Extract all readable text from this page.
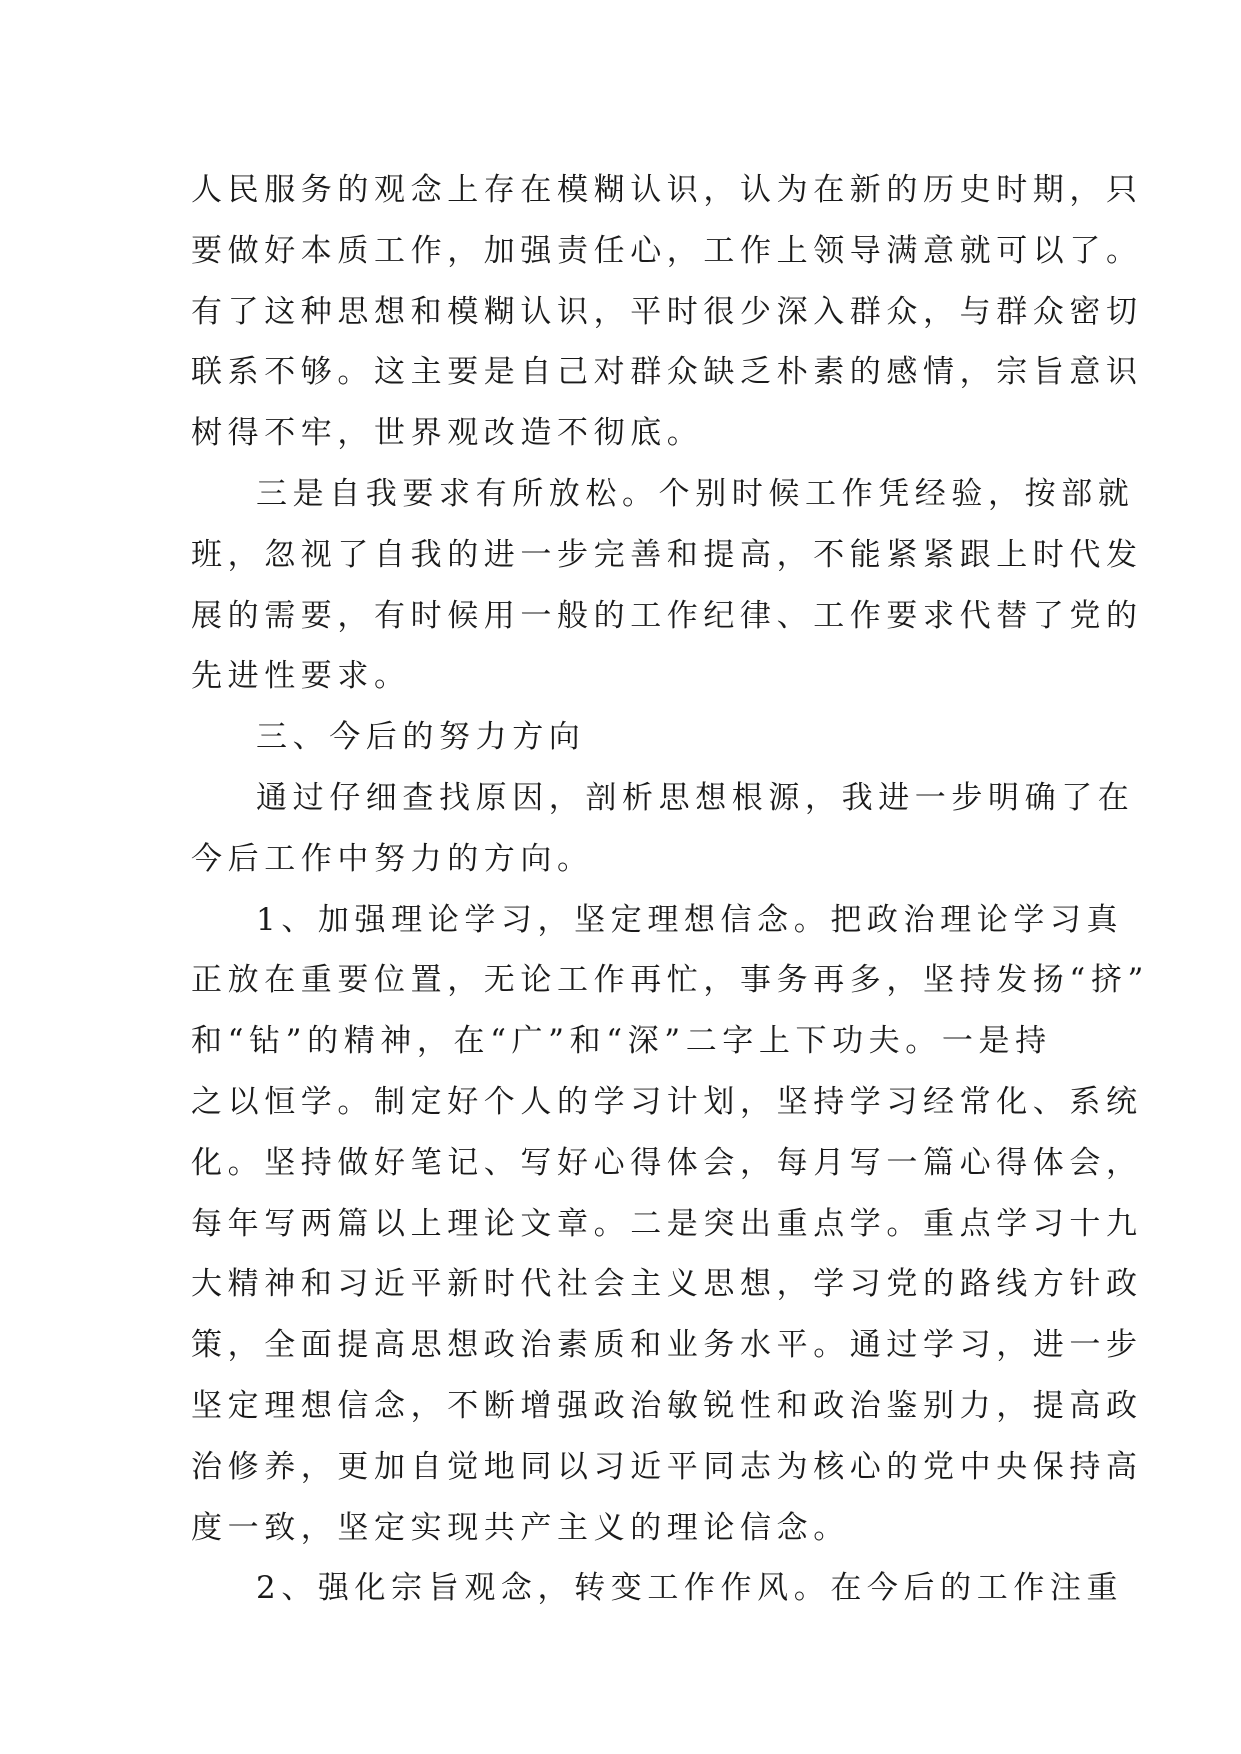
人民服务的观念上存在模糊认识，认为在新的历史时期，只
要做好本质工作，加强责任心，工作上领导满意就可以了。
有了这种思想和模糊认识，平时很少深入群众，与群众密切
联系不够。这主要是自己对群众缺乏朴素的感情，宗旨意识
树得不牢，世界观改造不彻底。
三是自我要求有所放松。个别时候工作凭经验，按部就
班，忽视了自我的进一步完善和提高，不能紧紧跟上时代发
展的需要，有时候用一般的工作纪律、工作要求代替了党的
先进性要求。
三、今后的努力方向
通过仔细查找原因，剖析思想根源，我进一步明确了在
今后工作中努力的方向。
1、加强理论学习，坚定理想信念。把政治理论学习真
正放在重要位置，无论工作再忙，事务再多，坚持发扬“挤”
和“钻”的精神，在“广”和“深”二字上下功夫。一是持
之以恒学。制定好个人的学习计划，坚持学习经常化、系统
化。坚持做好笔记、写好心得体会，每月写一篇心得体会，
每年写两篇以上理论文章。二是突出重点学。重点学习十九
大精神和习近平新时代社会主义思想，学习党的路线方针政
策，全面提高思想政治素质和业务水平。通过学习，进一步
坚定理想信念，不断增强政治敏锐性和政治鉴别力，提高政
治修养，更加自觉地同以习近平同志为核心的党中央保持高
度一致，坚定实现共产主义的理论信念。
2、强化宗旨观念，转变工作作风。在今后的工作注重
